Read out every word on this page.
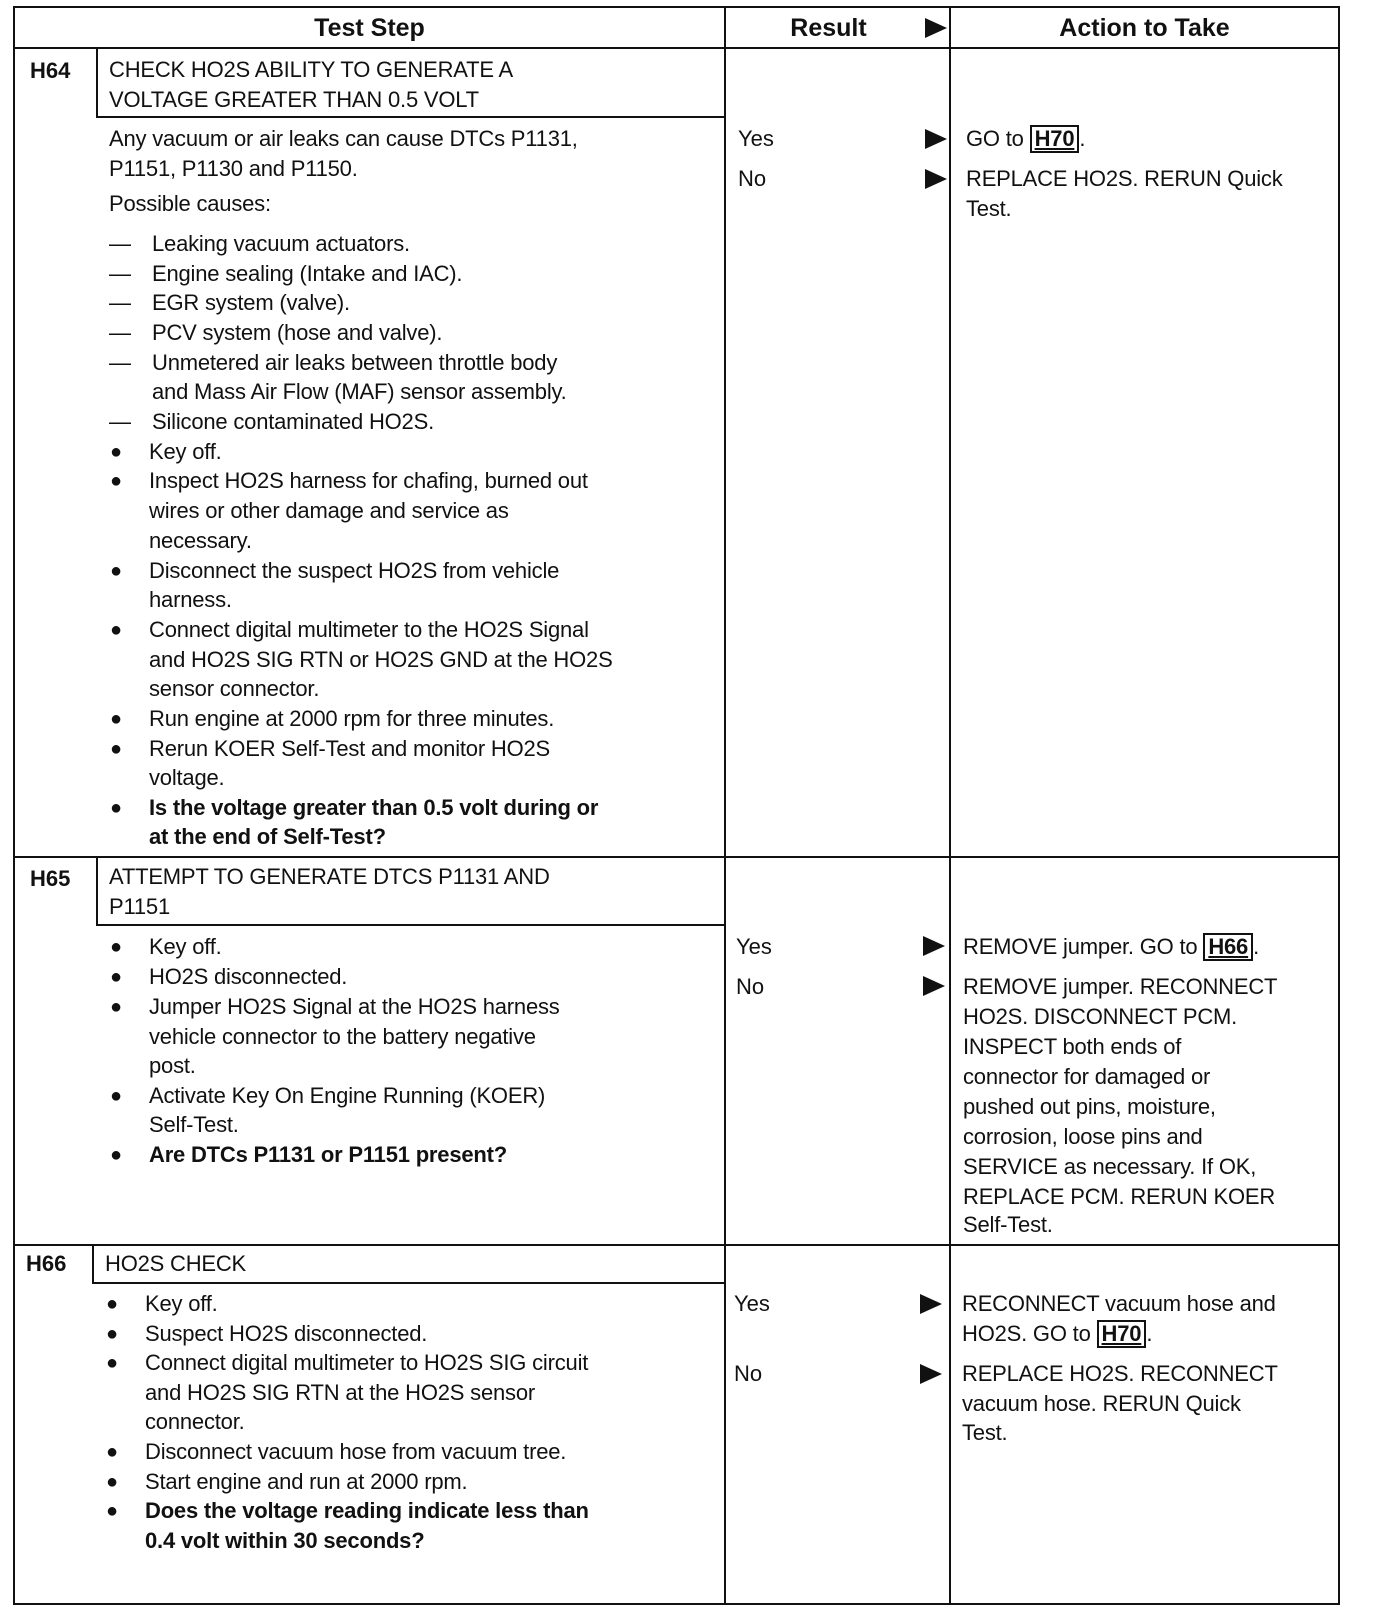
Test Step	Result	Action to Take
H64 CHECK HO2S ABILITY TO GENERATE A
VOLTAGE GREATER THAN 0.5 VOLT
Any vacuum or air leaks can cause DTCs P1131,
P1151, P1130 and P1150.
Possible causes:
— Leaking vacuum actuators.
— Engine sealing (Intake and IAC).
— EGR system (valve).
— PCV system (hose and valve).
— Unmetered air leaks between throttle body
and Mass Air Flow (MAF) sensor assembly.
— Silicone contaminated HO2S.
● Key off.
● Inspect HO2S harness for chafing, burned out
wires or other damage and service as
necessary.
● Disconnect the suspect HO2S from vehicle
harness.
● Connect digital multimeter to the HO2S Signal
and HO2S SIG RTN or HO2S GND at the HO2S
sensor connector.
● Run engine at 2000 rpm for three minutes.
● Rerun KOER Self-Test and monitor HO2S
voltage.
● Is the voltage greater than 0.5 volt during or
at the end of Self-Test?
Yes
No
GO to H70 .
REPLACE HO2S. RERUN Quick
Test.
H65 ATTEMPT TO GENERATE DTCS P1131 AND
P1151
● Key off.
● HO2S disconnected.
● Jumper HO2S Signal at the HO2S harness
vehicle connector to the battery negative
post.
● Activate Key On Engine Running (KOER)
Self-Test.
● Are DTCs P1131 or P1151 present?
Yes
No
REMOVE jumper. GO to H66 .
REMOVE jumper. RECONNECT
HO2S. DISCONNECT PCM.
INSPECT both ends of
connector for damaged or
pushed out pins, moisture,
corrosion, loose pins and
SERVICE as necessary. If OK,
REPLACE PCM. RERUN KOER
Self-Test.
H66 HO2S CHECK
● Key off.
● Suspect HO2S disconnected.
● Connect digital multimeter to HO2S SIG circuit
and HO2S SIG RTN at the HO2S sensor
connector.
● Disconnect vacuum hose from vacuum tree.
● Start engine and run at 2000 rpm.
● Does the voltage reading indicate less than
0.4 volt within 30 seconds?
Yes
No
RECONNECT vacuum hose and
HO2S. GO to H70 .
REPLACE HO2S. RECONNECT
vacuum hose. RERUN Quick
Test.
